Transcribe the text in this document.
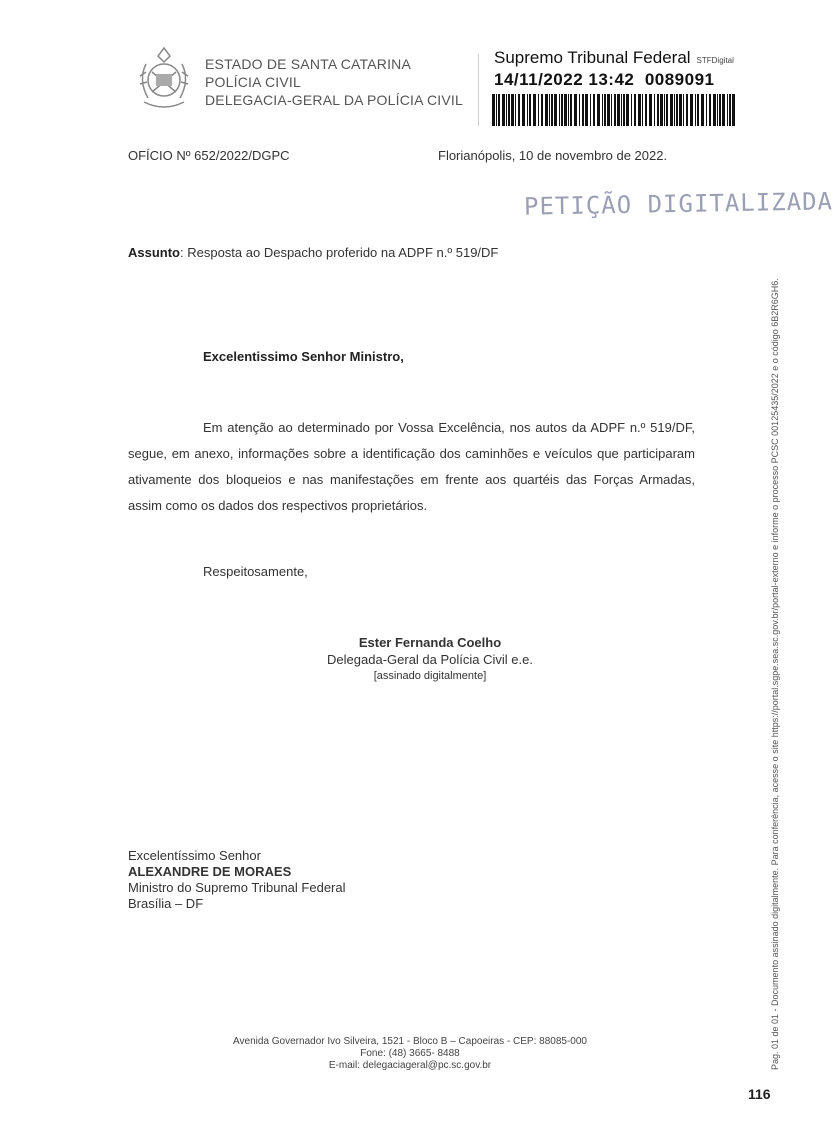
ESTADO DE SANTA CATARINA
POLÍCIA CIVIL
DELEGACIA-GERAL DA POLÍCIA CIVIL
Supremo Tribunal Federal STFDigital
14/11/2022 13:42 0089091
OFÍCIO Nº 652/2022/DGPC	Florianópolis, 10 de novembro de 2022.
PETIÇÃO DIGITALIZADA
Assunto: Resposta ao Despacho proferido na ADPF n.º 519/DF
Excelentissimo Senhor Ministro,
Em atenção ao determinado por Vossa Excelência, nos autos da ADPF n.º 519/DF, segue, em anexo, informações sobre a identificação dos caminhões e veículos que participaram ativamente dos bloqueios e nas manifestações em frente aos quartéis das Forças Armadas, assim como os dados dos respectivos proprietários.
Respeitosamente,
Ester Fernanda Coelho
Delegada-Geral da Polícia Civil e.e.
[assinado digitalmente]
Excelentíssimo Senhor
ALEXANDRE DE MORAES
Ministro do Supremo Tribunal Federal
Brasília – DF
Avenida Governador Ivo Silveira, 1521 - Bloco B – Capoeiras - CEP: 88085-000
Fone: (48) 3665- 8488
E-mail: delegaciageral@pc.sc.gov.br	Pag. 01 de 01 - Documento assinado digitalmente. Para conferência, acesse o site https://portal.sgpe.sea.sc.gov.br/portal-externo e informe o processo PCSC 00125435/2022 e o código 6B2R6GH6.
116
